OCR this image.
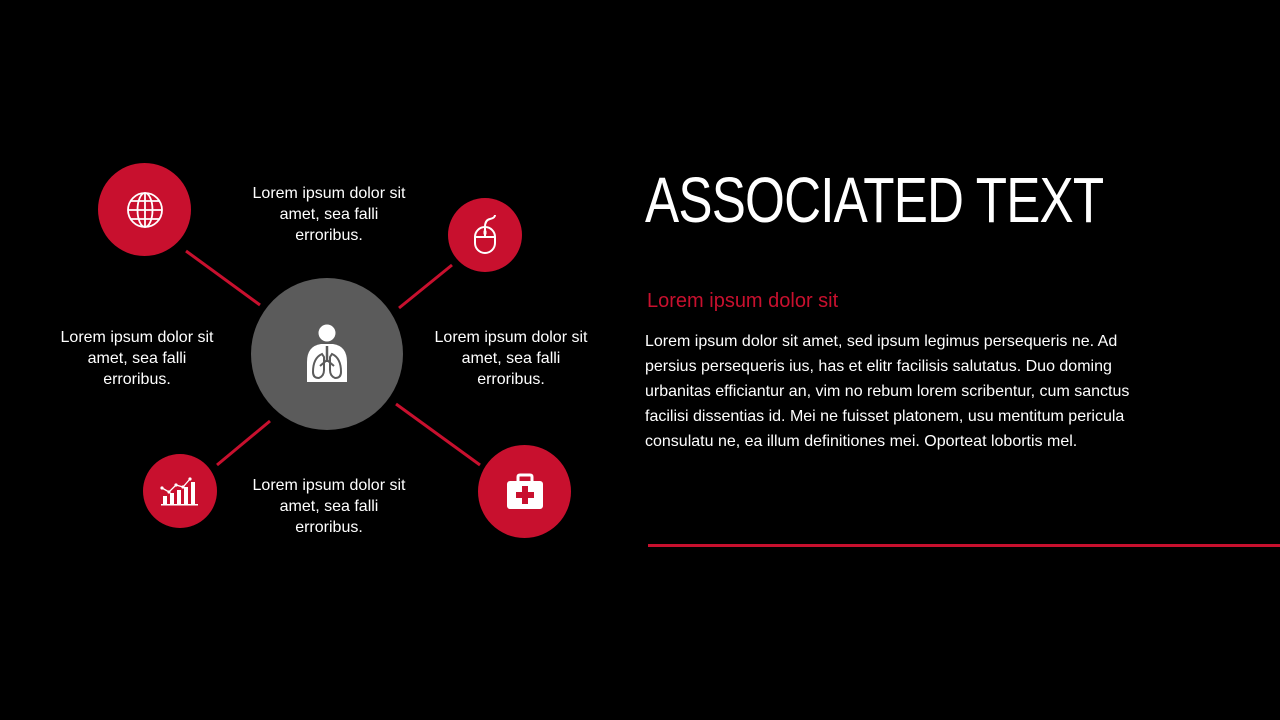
Lorem ipsum dolor sit amet, sea falli erroribus.
Lorem ipsum dolor sit amet, sea falli erroribus.
Lorem ipsum dolor sit amet, sea falli erroribus.
Lorem ipsum dolor sit amet, sea falli erroribus.
ASSOCIATED TEXT
Lorem ipsum dolor sit

Lorem ipsum dolor sit amet, sed ipsum legimus persequeris ne. Ad persius persequeris ius, has et elitr facilisis salutatus. Duo doming urbanitas efficiantur an, vim no rebum lorem scribentur, cum sanctus facilisi dissentias id. Mei ne fuisset platonem, usu mentitum pericula consulatu ne, ea illum definitiones mei. Oporteat lobortis mel.
